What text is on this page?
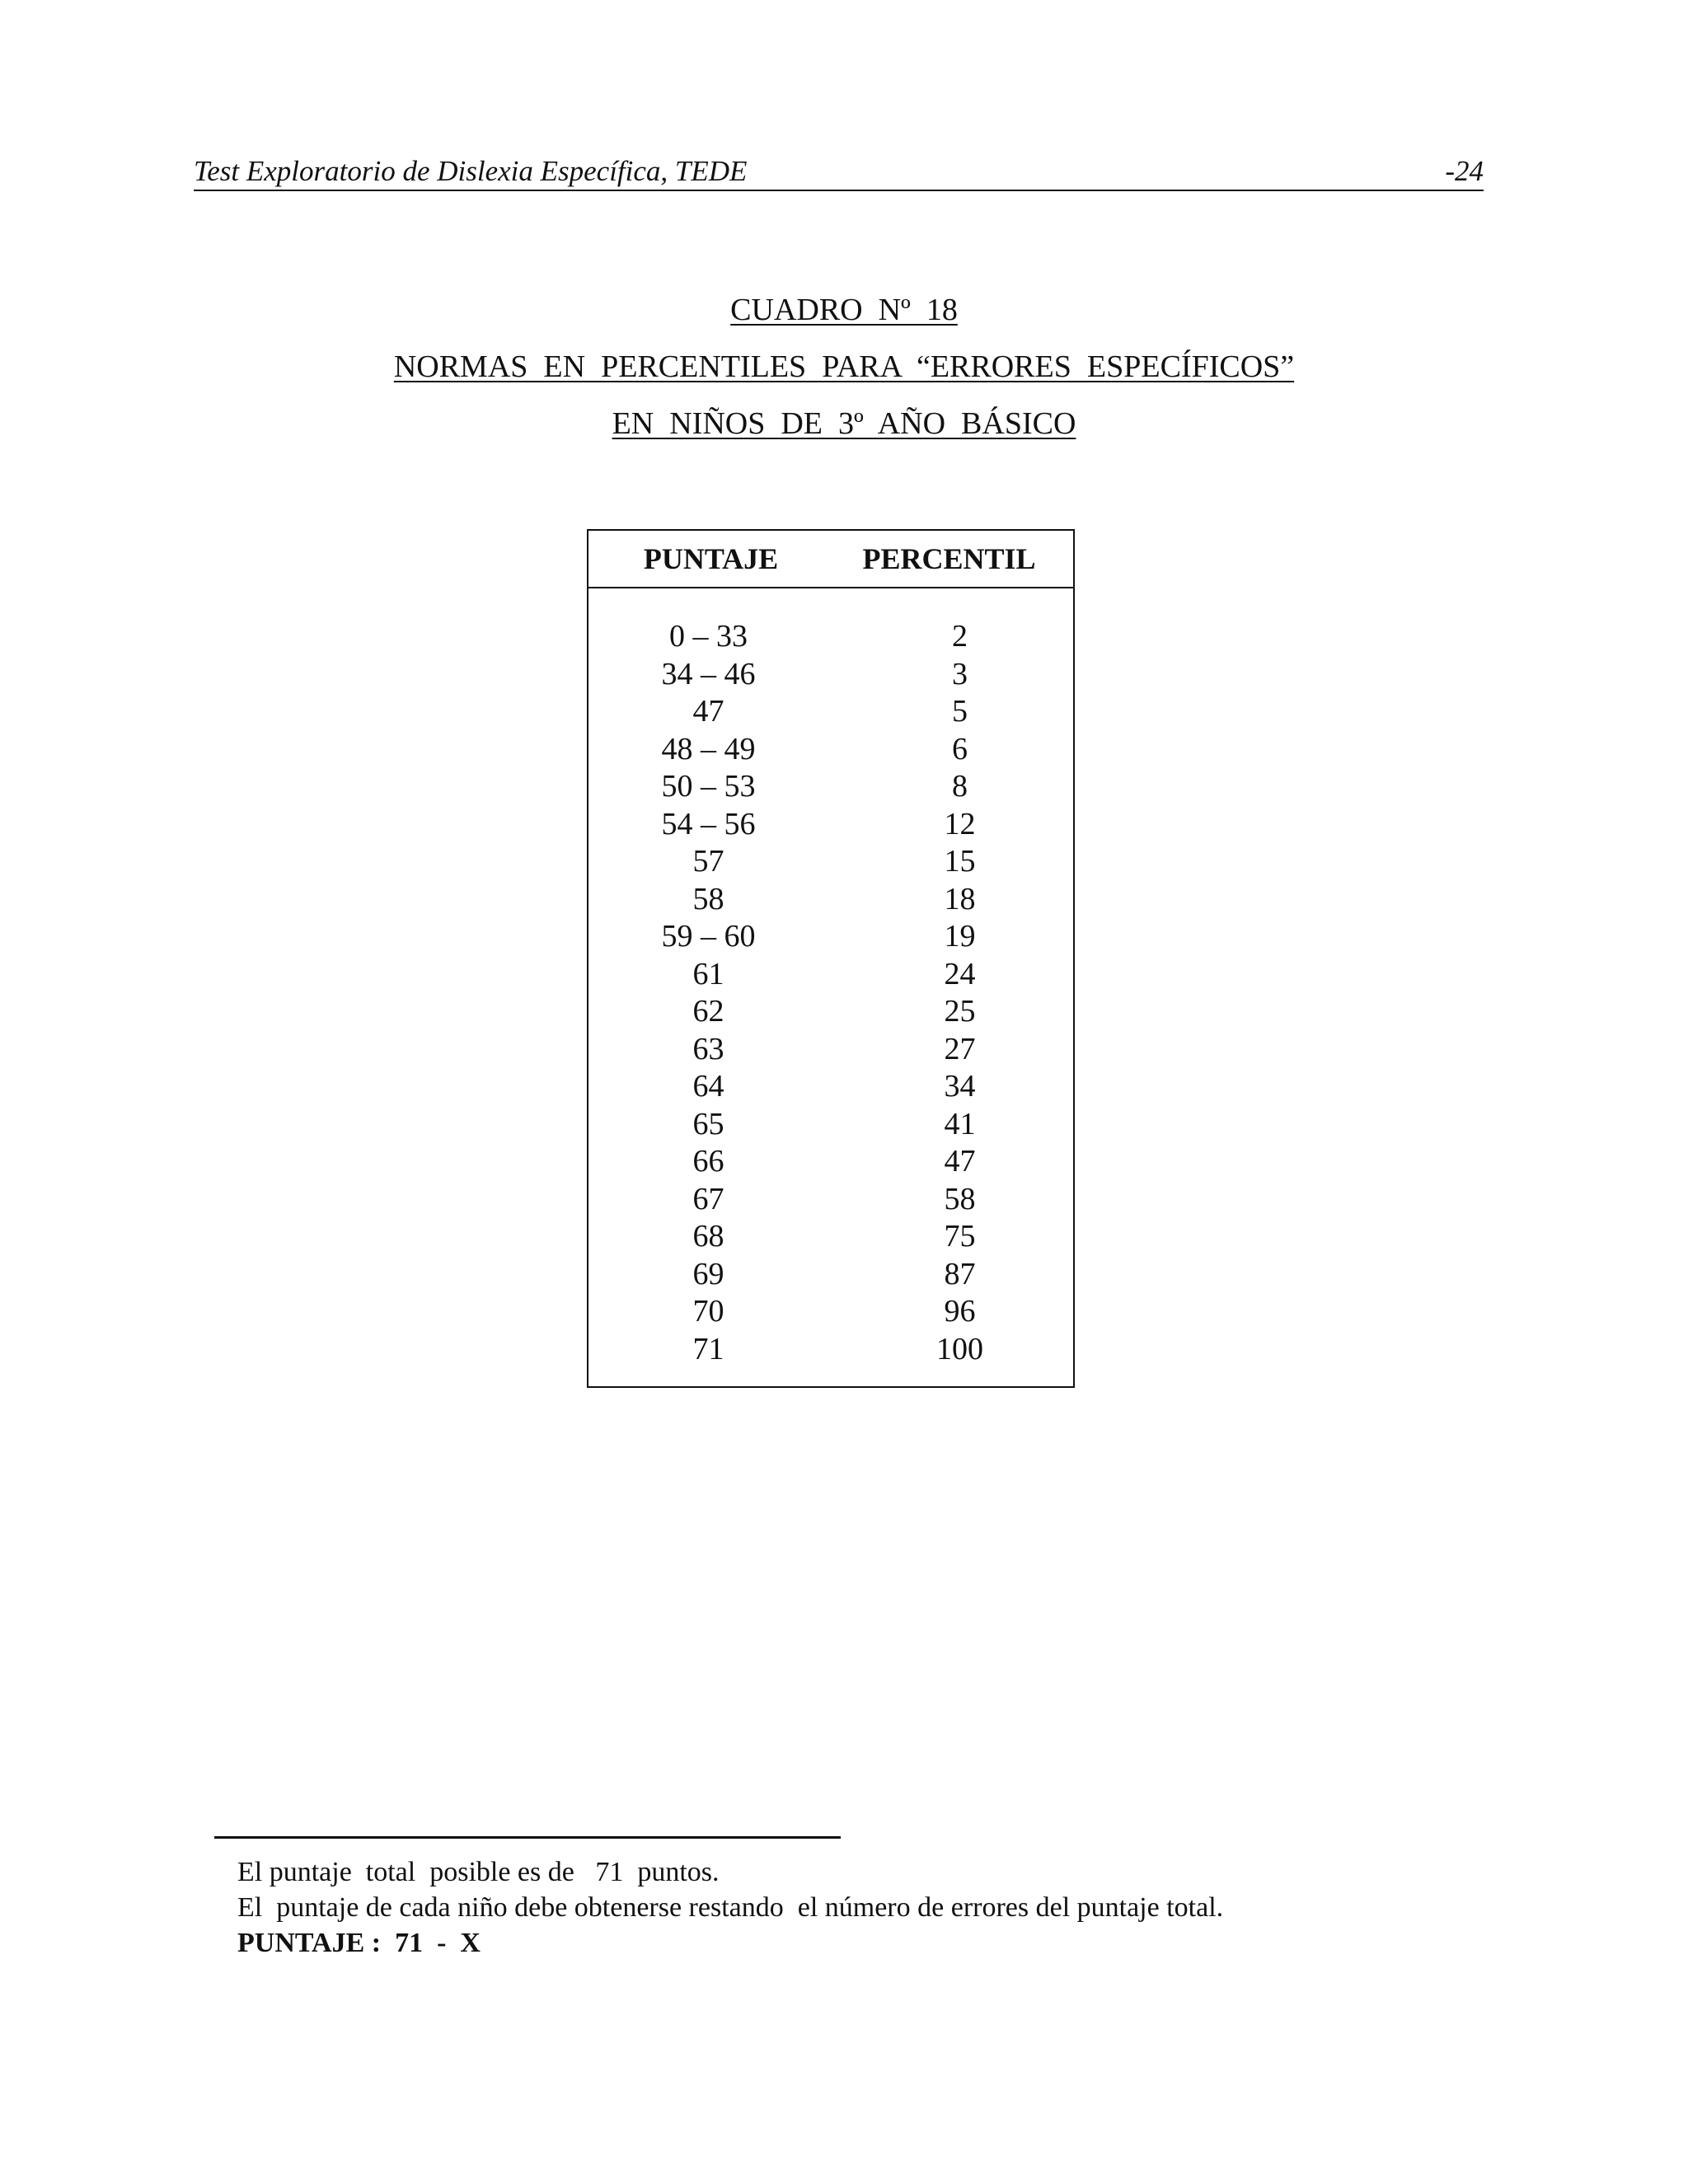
Test Exploratorio de Dislexia Específica, TEDE	-24
CUADRO  Nº  18
NORMAS  EN  PERCENTILES  PARA  “ERRORES  ESPECÍFICOS”
EN  NIÑOS  DE  3º  AÑO  BÁSICO
PUNTAJE	PERCENTIL
0 – 33	2
34 – 46	3
47	5
48 – 49	6
50 – 53	8
54 – 56	12
57	15
58	18
59 – 60	19
61	24
62	25
63	27
64	34
65	41
66	47
67	58
68	75
69	87
70	96
71	100
El puntaje  total  posible es de   71  puntos.
El  puntaje de cada niño debe obtenerse restando  el número de errores del puntaje total.
PUNTAJE :  71  -  X
